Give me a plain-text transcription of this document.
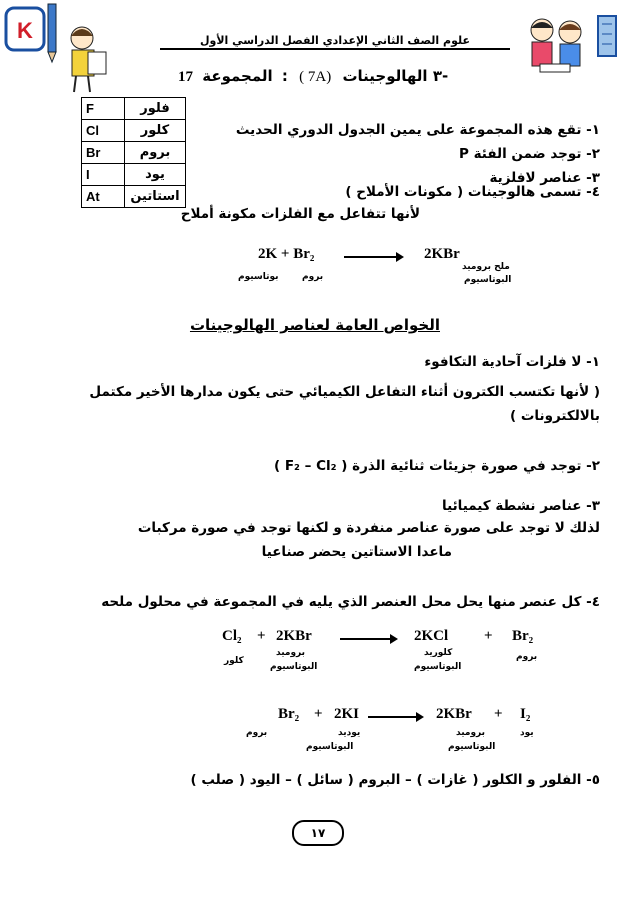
K	علوم الصف الثاني الإعدادي الفصل الدراسي الأول
17 المجموعة : ( 7A) الهالوجينات ٣-
F	فلور
Cl	كلور
Br	بروم
I	يود
At	استاتين
١- تقع هذه المجموعة على يمين الجدول الدوري الحديث
٢- توجد ضمن الفئة P
٣- عناصر لافلزية
٤- تسمى هالوجينات ( مكونات الأملاح )
لأنها تتفاعل مع الفلزات مكونة أملاح
2K + Br₂	2KBr
بوتاسيوم	بروم
ملح بروميد
البوتاسيوم
الخواص العامة لعناصر الهالوجينات
١- لا فلزات آحادية التكافوء
( لأنها تكتسب الكترون أثناء التفاعل الكيميائي حتى يكون مدارها الأخير مكتمل
بالالكترونات )
٢- توجد في صورة جزيئات ثنائية الذرة ( F₂ – Cl₂ )
٣- عناصر نشطة كيميائيا
لذلك لا توجد على صورة عناصر منفردة و لكنها توجد في صورة مركبات
ماعدا الاستاتين يحضر صناعيا
٤- كل عنصر منها يحل محل العنصر الذي يليه في المجموعة في محلول ملحه
Cl₂ + 2KBr	2KCl + Br₂
كلور
بروميد
البوتاسيوم
كلوريد
البوتاسيوم
بروم
Br₂ + 2KI	2KBr + I₂
بروم	يوديد
البوتاسيوم
بروميد
البوتاسيوم
يود
٥- الفلور و الكلور ( غازات ) – البروم ( سائل ) – اليود ( صلب )
١٧
